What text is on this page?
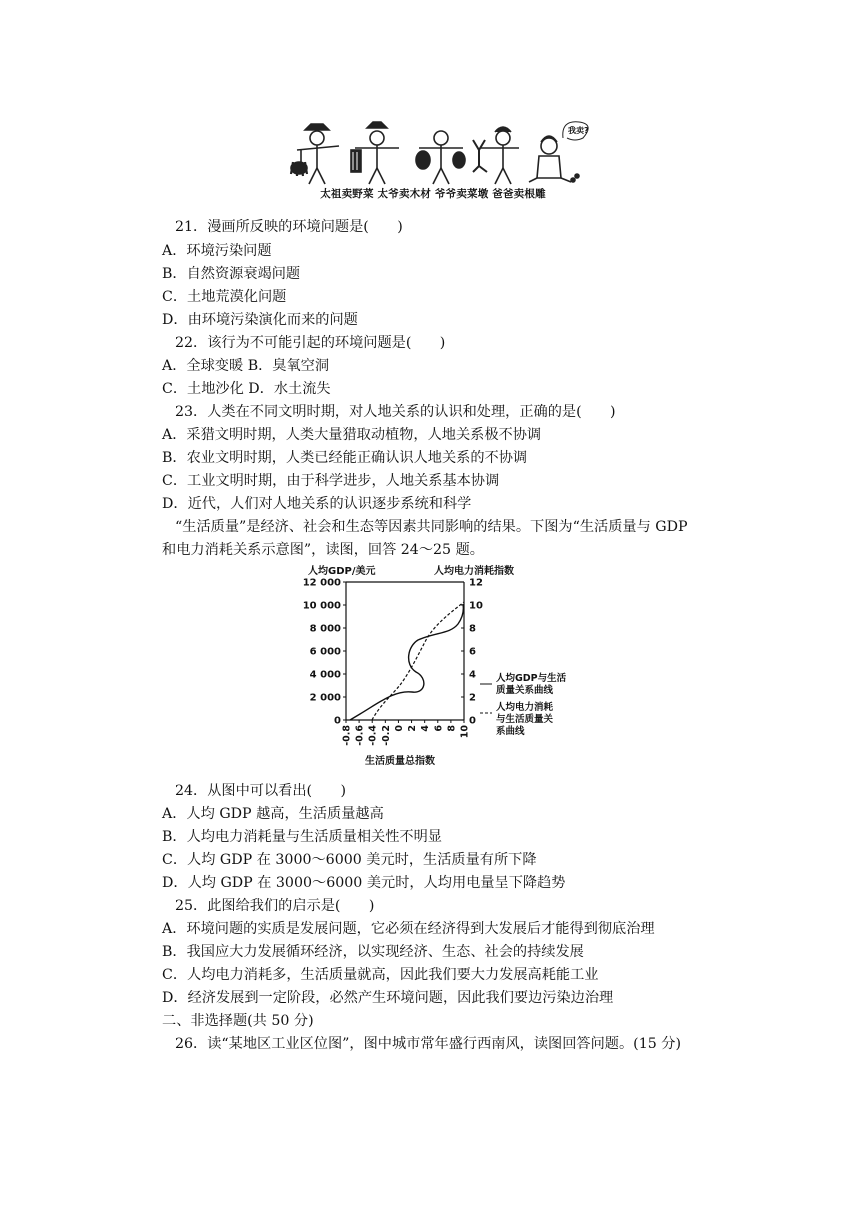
我卖?
太祖卖野菜 太爷卖木材 爷爷卖菜墩 爸爸卖根雕
21．漫画所反映的环境问题是(　　)
A．环境污染问题
B．自然资源衰竭问题
C．土地荒漠化问题
D．由环境污染演化而来的问题
22．该行为不可能引起的环境问题是(　　)
A．全球变暖 B．臭氧空洞
C．土地沙化 D．水土流失
23．人类在不同文明时期，对人地关系的认识和处理，正确的是(　　)
A．采猎文明时期，人类大量猎取动植物，人地关系极不协调
B．农业文明时期，人类已经能正确认识人地关系的不协调
C．工业文明时期，由于科学进步，人地关系基本协调
D．近代，人们对人地关系的认识逐步系统和科学
“生活质量”是经济、社会和生态等因素共同影响的结果。下图为“生活质量与 GDP
和电力消耗关系示意图”，读图，回答 24～25 题。
人均GDP/美元	人均电力消耗指数
0
2 000
4 000
6 000
8 000
10 000
12 000
0
2
4
6
8
10
12
-0.8 -0.6 -0.4 -0.2 0 2 4 6 8 10
人均GDP与生活
质量关系曲线
人均电力消耗
与生活质量关
系曲线
生活质量总指数
24．从图中可以看出(　　)
A．人均 GDP 越高，生活质量越高
B．人均电力消耗量与生活质量相关性不明显
C．人均 GDP 在 3000～6000 美元时，生活质量有所下降
D．人均 GDP 在 3000～6000 美元时，人均用电量呈下降趋势
25．此图给我们的启示是(　　)
A．环境问题的实质是发展问题，它必须在经济得到大发展后才能得到彻底治理
B．我国应大力发展循环经济，以实现经济、生态、社会的持续发展
C．人均电力消耗多，生活质量就高，因此我们要大力发展高耗能工业
D．经济发展到一定阶段，必然产生环境问题，因此我们要边污染边治理
二、非选择题(共 50 分)
26．读“某地区工业区位图”，图中城市常年盛行西南风，读图回答问题。(15 分)
